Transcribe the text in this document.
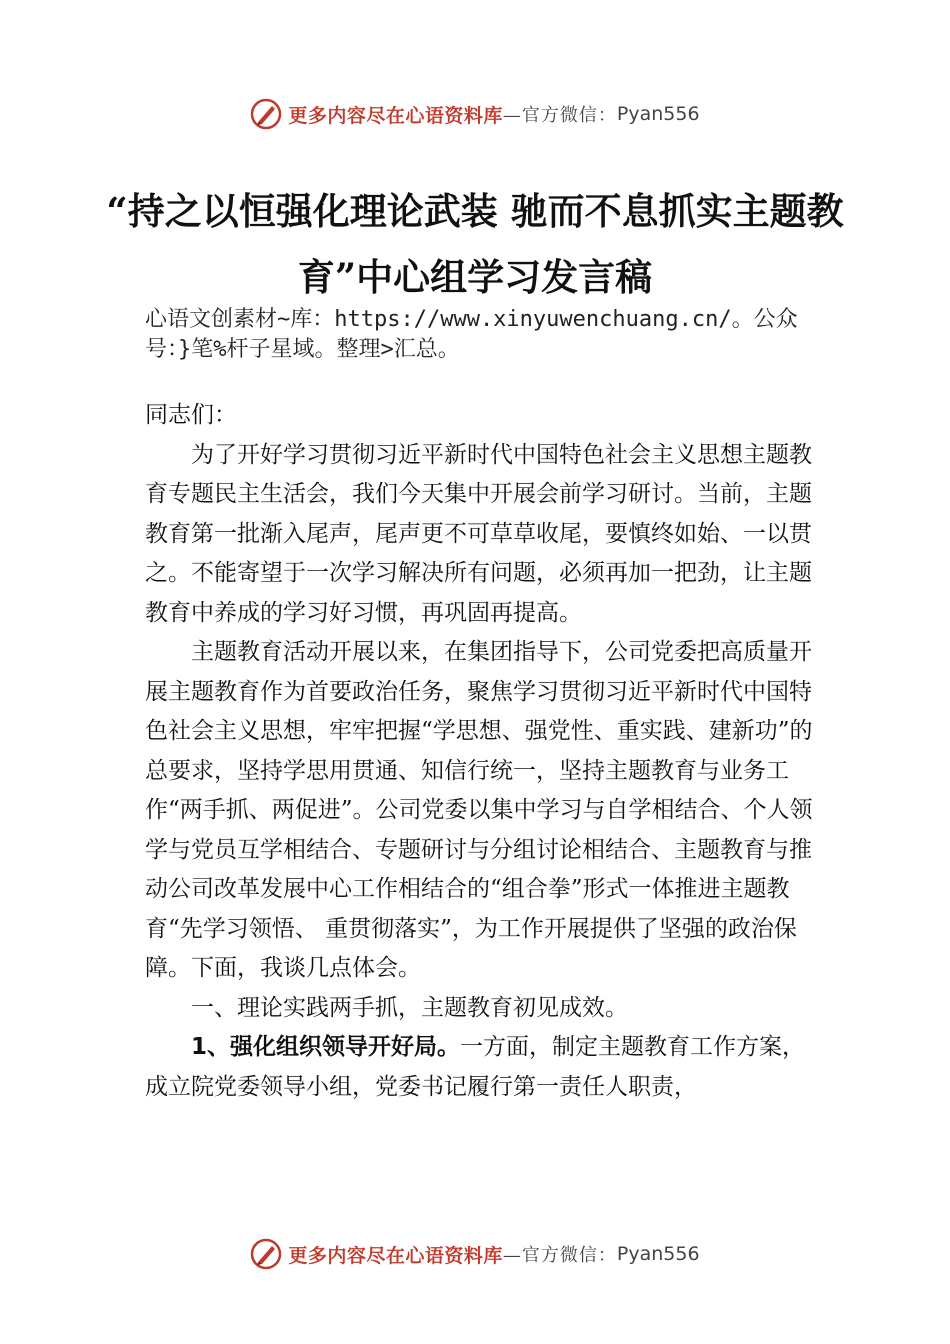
更多内容尽在心语资料库 —官方微信： Pyan556
“持之以恒强化理论武装 驰而不息抓实主题教育”中心组学习发言稿
心语文创素材~库：https://www.xinyuwenchuang.cn/。公众号：}笔%杆子星域。整理>汇总。

同志们：

为了开好学习贯彻习近平新时代中国特色社会主义思想主题教育专题民主生活会，我们今天集中开展会前学习研讨。当前，主题教育第一批渐入尾声，尾声更不可草草收尾，要慎终如始、一以贯之。不能寄望于一次学习解决所有问题，必须再加一把劲，让主题教育中养成的学习好习惯，再巩固再提高。

主题教育活动开展以来，在集团指导下，公司党委把高质量开展主题教育作为首要政治任务，聚焦学习贯彻习近平新时代中国特色社会主义思想，牢牢把握“学思想、强党性、重实践、建新功”的总要求，坚持学思用贯通、知信行统一，坚持主题教育与业务工作“两手抓、两促进”。公司党委以集中学习与自学相结合、个人领学与党员互学相结合、专题研讨与分组讨论相结合、主题教育与推动公司改革发展中心工作相结合的“组合拳”形式一体推进主题教育“先学习领悟、 重贯彻落实”，为工作开展提供了坚强的政治保障。下面，我谈几点体会。

一、理论实践两手抓，主题教育初见成效。

1、强化组织领导开好局。一方面，制定主题教育工作方案，成立院党委领导小组，党委书记履行第一责任人职责，

更多内容尽在心语资料库 —官方微信： Pyan556
